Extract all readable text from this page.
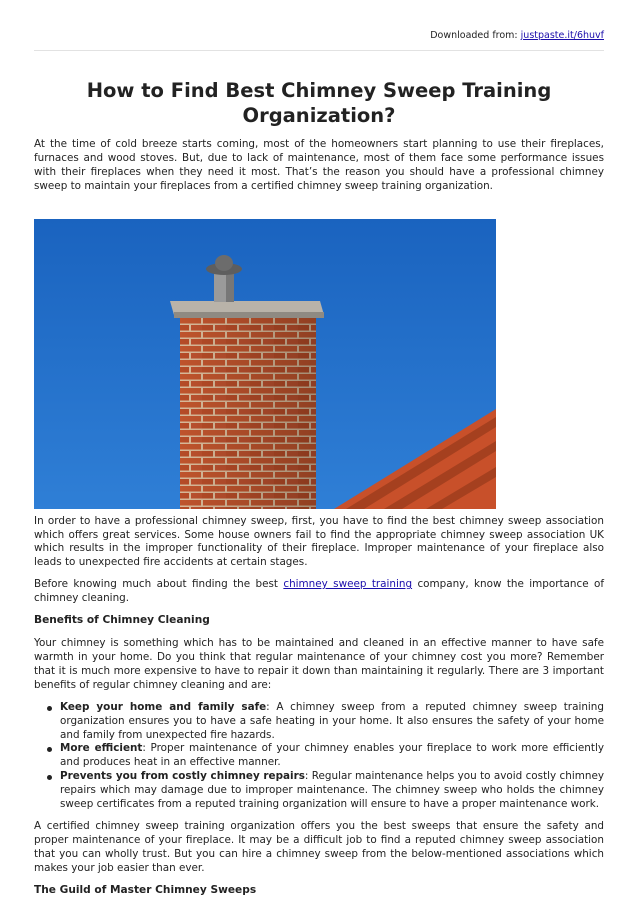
Downloaded from: justpaste.it/6huvf
How to Find Best Chimney Sweep Training Organization?

At the time of cold breeze starts coming, most of the homeowners start planning to use their fireplaces, furnaces and wood stoves. But, due to lack of maintenance, most of them face some performance issues with their fireplaces when they need it most. That’s the reason you should have a professional chimney sweep to maintain your fireplaces from a certified chimney sweep training organization.

In order to have a professional chimney sweep, first, you have to find the best chimney sweep association which offers great services. Some house owners fail to find the appropriate chimney sweep association UK which results in the improper functionality of their fireplace. Improper maintenance of your fireplace also leads to unexpected fire accidents at certain stages.

Before knowing much about finding the best chimney sweep training company, know the importance of chimney cleaning.

Benefits of Chimney Cleaning

Your chimney is something which has to be maintained and cleaned in an effective manner to have safe warmth in your home. Do you think that regular maintenance of your chimney cost you more? Remember that it is much more expensive to have to repair it down than maintaining it regularly. There are 3 important benefits of regular chimney cleaning and are:

Keep your home and family safe: A chimney sweep from a reputed chimney sweep training organization ensures you to have a safe heating in your home. It also ensures the safety of your home and family from unexpected fire hazards.
More efficient: Proper maintenance of your chimney enables your fireplace to work more efficiently and produces heat in an effective manner.
Prevents you from costly chimney repairs: Regular maintenance helps you to avoid costly chimney repairs which may damage due to improper maintenance. The chimney sweep who holds the chimney sweep certificates from a reputed training organization will ensure to have a proper maintenance work.

A certified chimney sweep training organization offers you the best sweeps that ensure the safety and proper maintenance of your fireplace. It may be a difficult job to find a reputed chimney sweep association that you can wholly trust. But you can hire a chimney sweep from the below-mentioned associations which makes your job easier than ever.

The Guild of Master Chimney Sweeps
